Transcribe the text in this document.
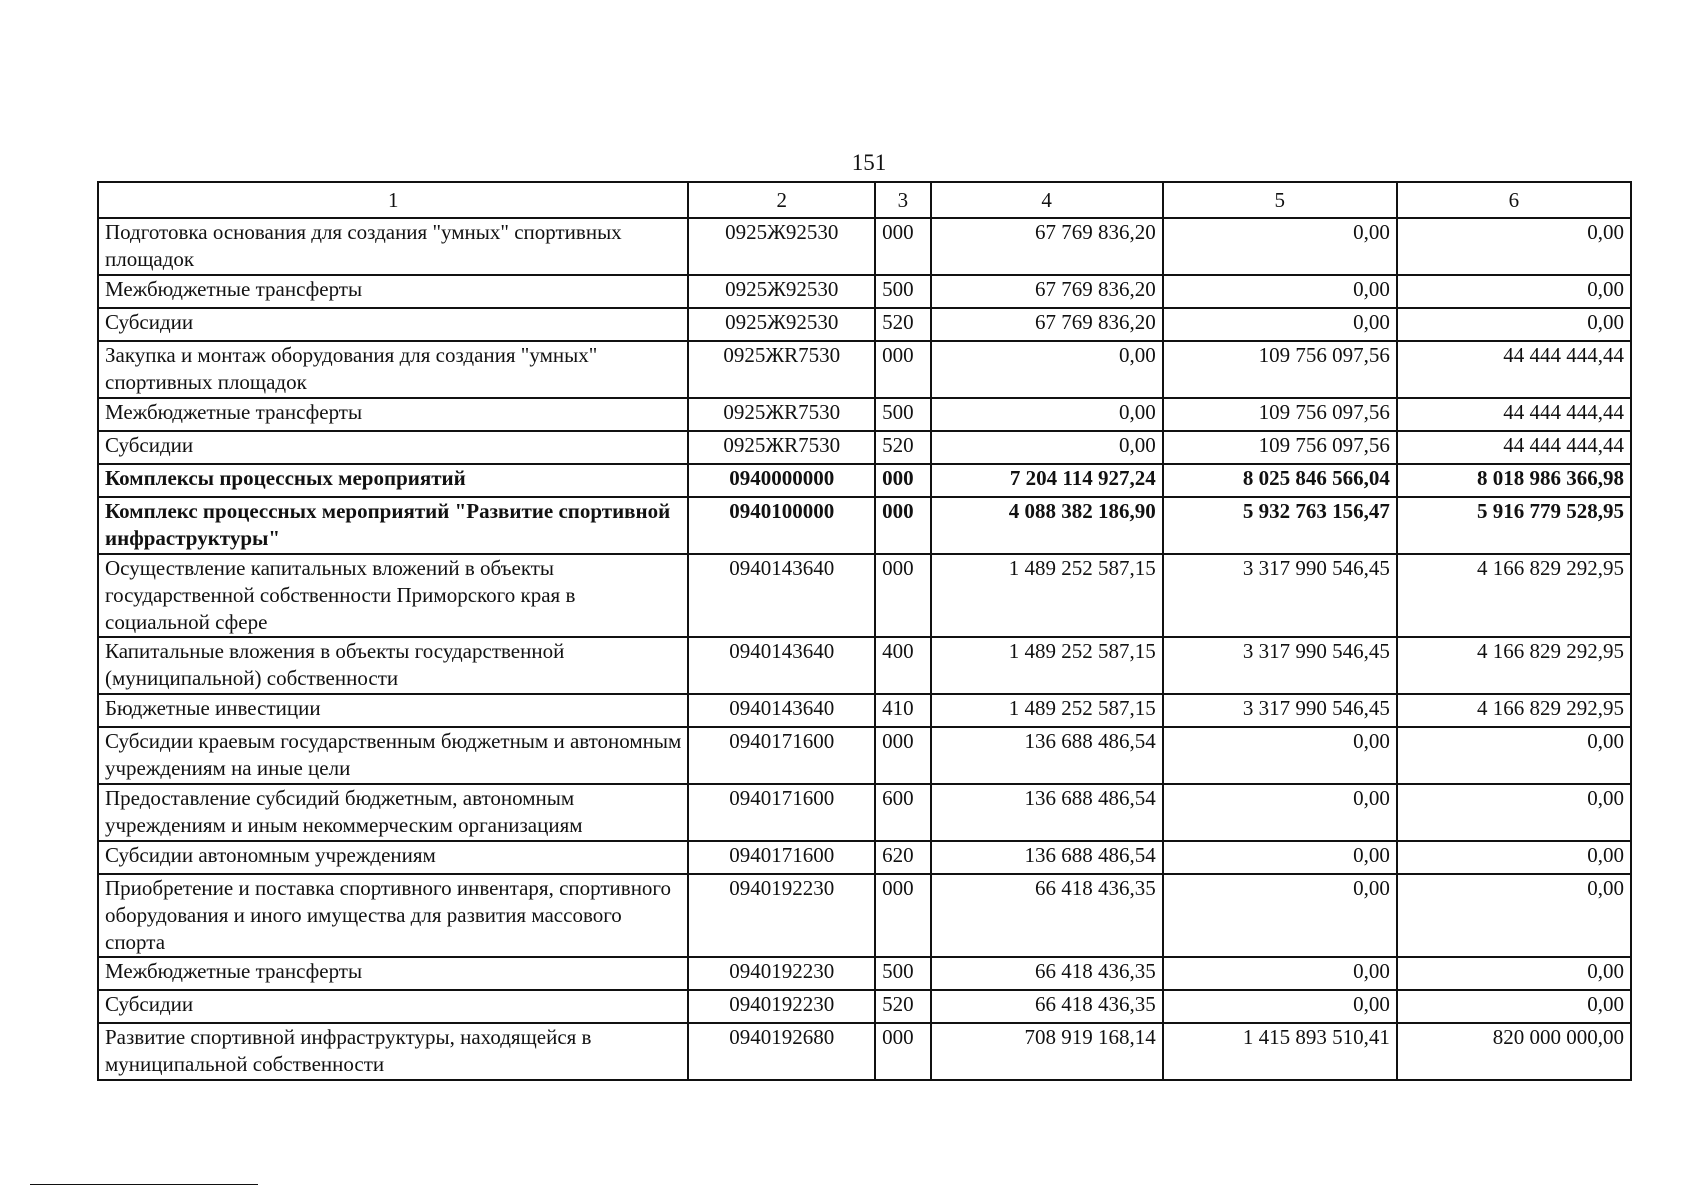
151
1	2	3	4	5	6
Подготовка основания для создания "умных" спортивных площадок	0925Ж92530	000	67 769 836,20	0,00	0,00
Межбюджетные трансферты	0925Ж92530	500	67 769 836,20	0,00	0,00
Субсидии	0925Ж92530	520	67 769 836,20	0,00	0,00
Закупка и монтаж оборудования для создания "умных" спортивных площадок	0925ЖR7530	000	0,00	109 756 097,56	44 444 444,44
Межбюджетные трансферты	0925ЖR7530	500	0,00	109 756 097,56	44 444 444,44
Субсидии	0925ЖR7530	520	0,00	109 756 097,56	44 444 444,44
Комплексы процессных мероприятий	0940000000	000	7 204 114 927,24	8 025 846 566,04	8 018 986 366,98
Комплекс процессных мероприятий "Развитие спортивной инфраструктуры"	0940100000	000	4 088 382 186,90	5 932 763 156,47	5 916 779 528,95
Осуществление капитальных вложений в объекты государственной собственности Приморского края в социальной сфере	0940143640	000	1 489 252 587,15	3 317 990 546,45	4 166 829 292,95
Капитальные вложения в объекты государственной (муниципальной) собственности	0940143640	400	1 489 252 587,15	3 317 990 546,45	4 166 829 292,95
Бюджетные инвестиции	0940143640	410	1 489 252 587,15	3 317 990 546,45	4 166 829 292,95
Субсидии краевым государственным бюджетным и автономным учреждениям на иные цели	0940171600	000	136 688 486,54	0,00	0,00
Предоставление субсидий бюджетным, автономным учреждениям и иным некоммерческим организациям	0940171600	600	136 688 486,54	0,00	0,00
Субсидии автономным учреждениям	0940171600	620	136 688 486,54	0,00	0,00
Приобретение и поставка спортивного инвентаря, спортивного оборудования и иного имущества для развития массового спорта	0940192230	000	66 418 436,35	0,00	0,00
Межбюджетные трансферты	0940192230	500	66 418 436,35	0,00	0,00
Субсидии	0940192230	520	66 418 436,35	0,00	0,00
Развитие спортивной инфраструктуры, находящейся в муниципальной собственности	0940192680	000	708 919 168,14	1 415 893 510,41	820 000 000,00
